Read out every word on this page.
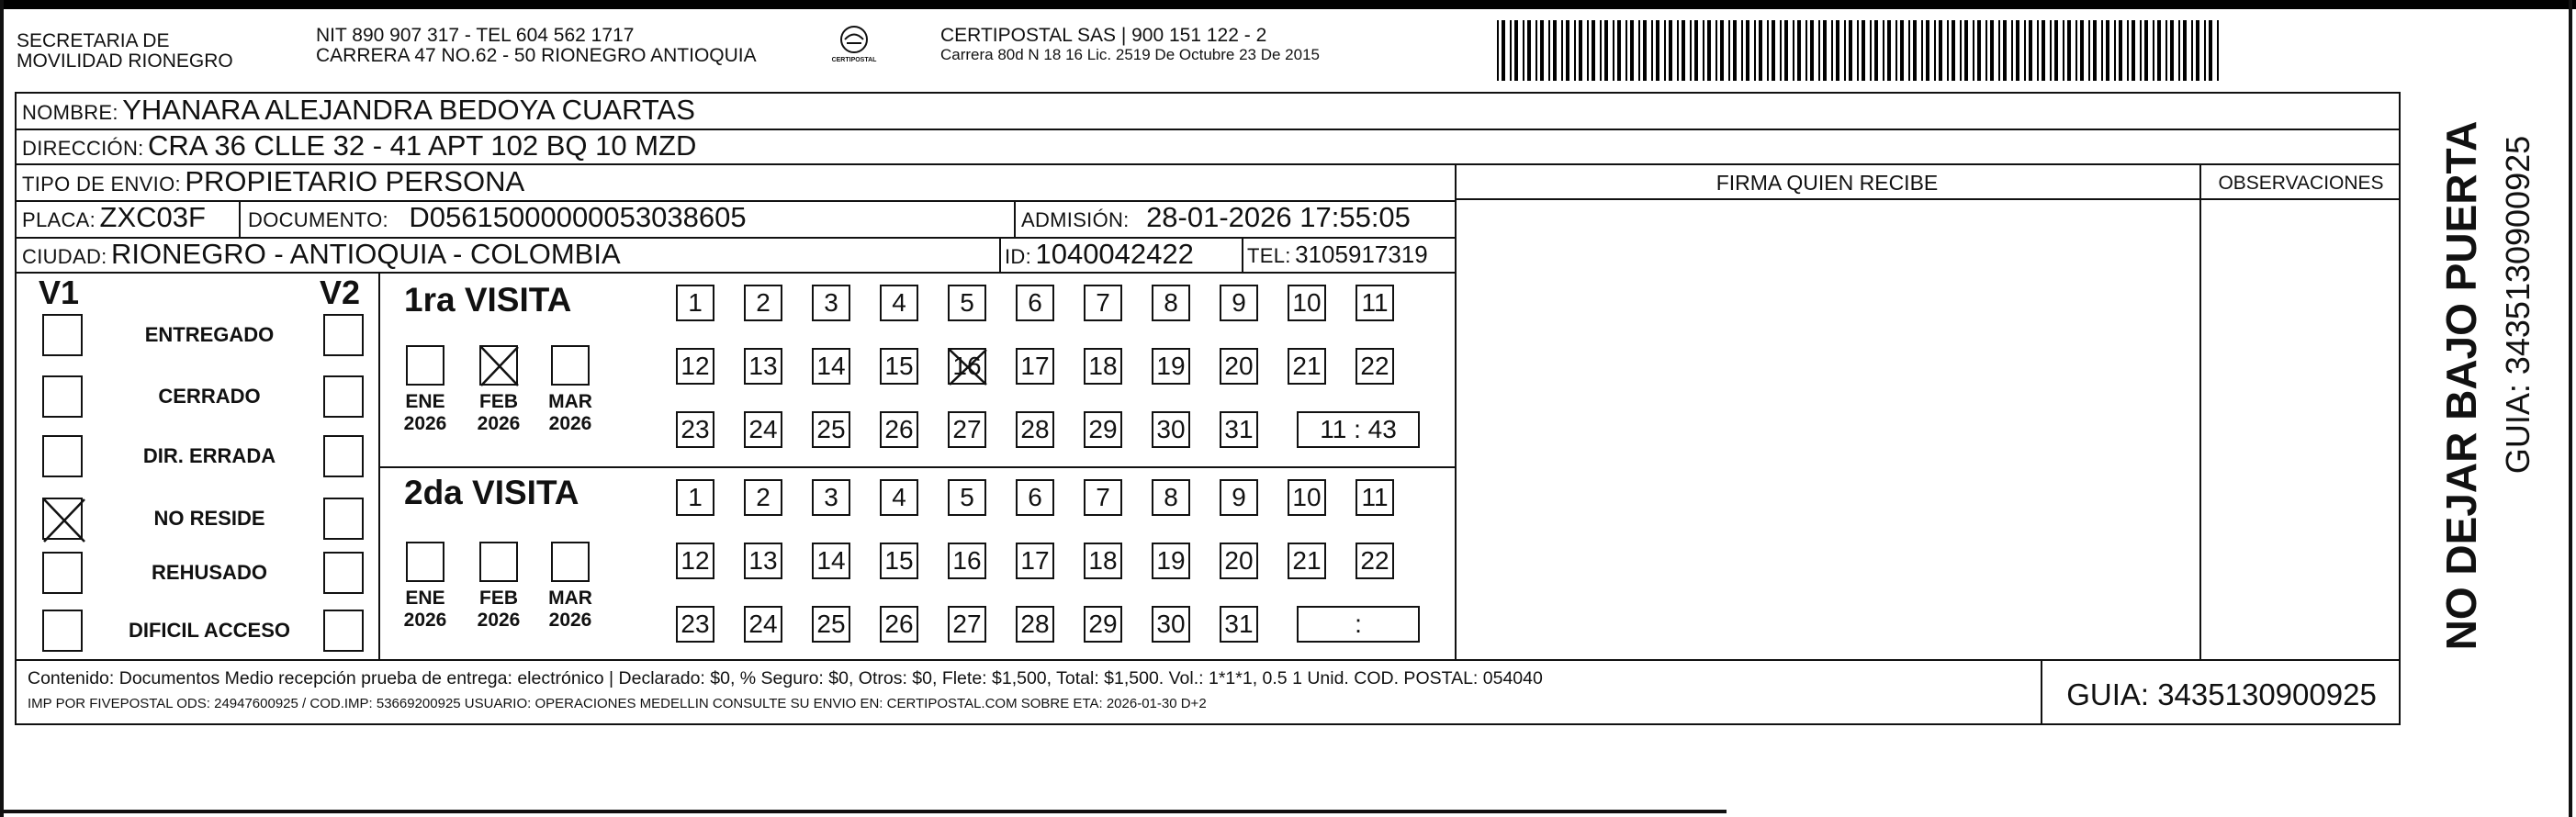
SECRETARIA DE
MOVILIDAD RIONEGRO
NIT 890 907 317 - TEL 604 562 1717
CARRERA 47 NO.62 - 50 RIONEGRO ANTIOQUIA	CERTIPOSTAL
CERTIPOSTAL SAS | 900 151 122 - 2
Carrera 80d N 18 16 Lic. 2519 De Octubre 23 De 2015
NOMBRE: YHANARA ALEJANDRA BEDOYA CUARTAS
DIRECCIÓN: CRA 36 CLLE 32 - 41 APT 102 BQ 10 MZD
TIPO DE ENVIO: PROPIETARIO PERSONA	FIRMA QUIEN RECIBE	OBSERVACIONES
PLACA: ZXC03F DOCUMENTO: D05615000000053038605	ADMISIÓN: 28-01-2026 17:55:05
CIUDAD: RIONEGRO - ANTIOQUIA - COLOMBIA	ID: 1040042422	TEL: 3105917319
V1	V2
ENTREGADO
CERRADO
DIR. ERRADA
NO RESIDE
REHUSADO
DIFICIL ACCESO
1ra VISITA
ENE
2026
FEB
2026
MAR
2026
1	2	3	4	5	6	7	8	9	10 11
12 13 14 15 16 17 18 19 20 21 22
23 24 25 26 27 28 29 30 31	11 : 43
2da VISITA
ENE
2026
FEB
2026
MAR
2026
1	2	3	4	5	6	7	8	9	10 11
12 13 14 15 16 17 18 19 20 21 22
23 24 25 26 27 28 29 30 31	:
Contenido: Documentos Medio recepción prueba de entrega: electrónico | Declarado: $0, % Seguro: $0, Otros: $0, Flete: $1,500, Total: $1,500. Vol.: 1*1*1, 0.5 1 Unid. COD. POSTAL: 054040
IMP POR FIVEPOSTAL ODS: 24947600925 / COD.IMP: 53669200925 USUARIO: OPERACIONES MEDELLIN CONSULTE SU ENVIO EN: CERTIPOSTAL.COM SOBRE ETA: 2026-01-30 D+2	GUIA: 3435130900925
NO DEJAR BAJO PUERTA GUIA: 3435130900925
